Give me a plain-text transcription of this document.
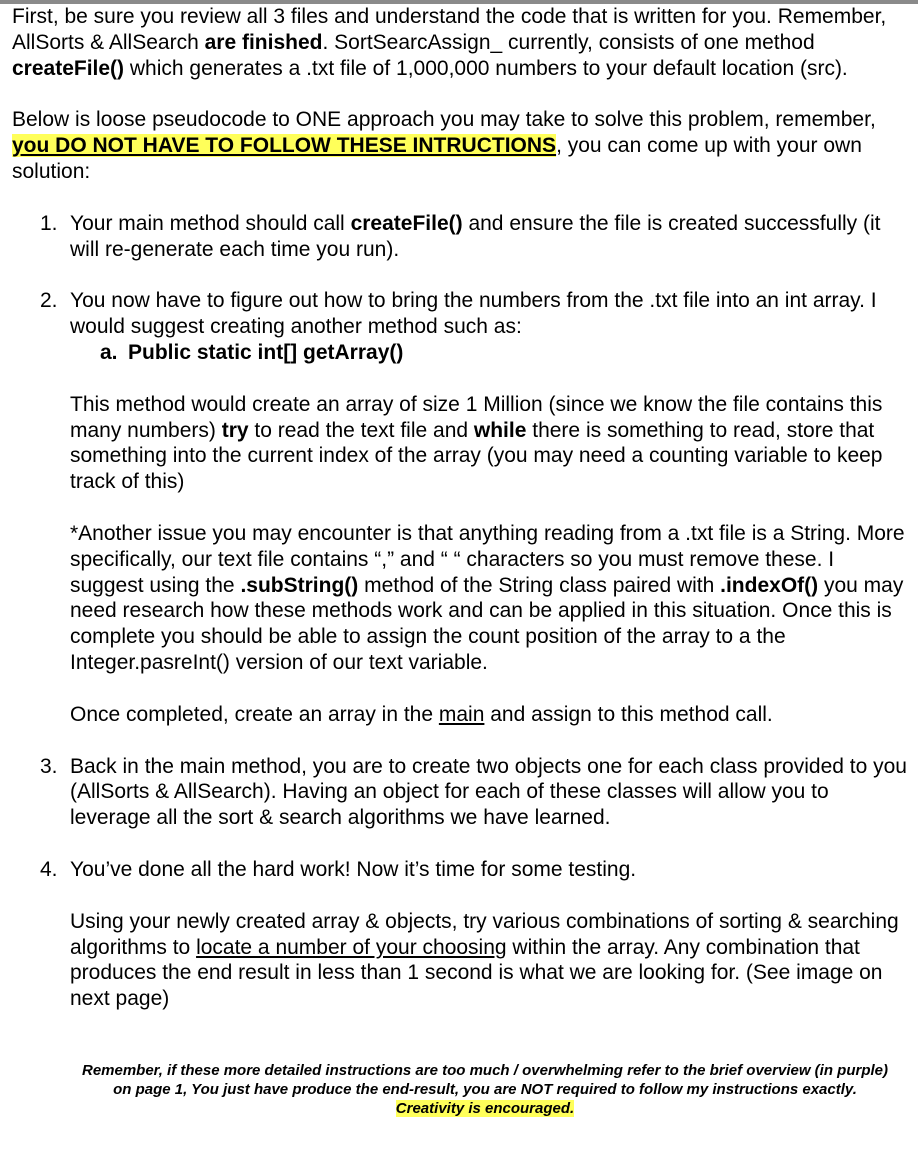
First, be sure you review all 3 files and understand the code that is written for you. Remember, AllSorts & AllSearch are finished. SortSearcAssign_ currently, consists of one method createFile() which generates a .txt file of 1,000,000 numbers to your default location (src).

Below is loose pseudocode to ONE approach you may take to solve this problem, remember, you DO NOT HAVE TO FOLLOW THESE INTRUCTIONS, you can come up with your own solution:

1. Your main method should call createFile() and ensure the file is created successfully (it will re-generate each time you run).
2. You now have to figure out how to bring the numbers from the .txt file into an int array. I would suggest creating another method such as:
a. Public static int[] getArray()

This method would create an array of size 1 Million (since we know the file contains this many numbers) try to read the text file and while there is something to read, store that something into the current index of the array (you may need a counting variable to keep track of this)

*Another issue you may encounter is that anything reading from a .txt file is a String. More specifically, our text file contains “,” and “ “ characters so you must remove these. I suggest using the .subString() method of the String class paired with .indexOf() you may need research how these methods work and can be applied in this situation. Once this is complete you should be able to assign the count position of the array to a the Integer.pasreInt() version of our text variable.

Once completed, create an array in the main and assign to this method call.

3. Back in the main method, you are to create two objects one for each class provided to you (AllSorts & AllSearch). Having an object for each of these classes will allow you to leverage all the sort & search algorithms we have learned.
4. You’ve done all the hard work! Now it’s time for some testing.

Using your newly created array & objects, try various combinations of sorting & searching algorithms to locate a number of your choosing within the array. Any combination that produces the end result in less than 1 second is what we are looking for. (See image on next page)

Remember, if these more detailed instructions are too much / overwhelming refer to the brief overview (in purple) on page 1, You just have produce the end-result, you are NOT required to follow my instructions exactly. Creativity is encouraged.
